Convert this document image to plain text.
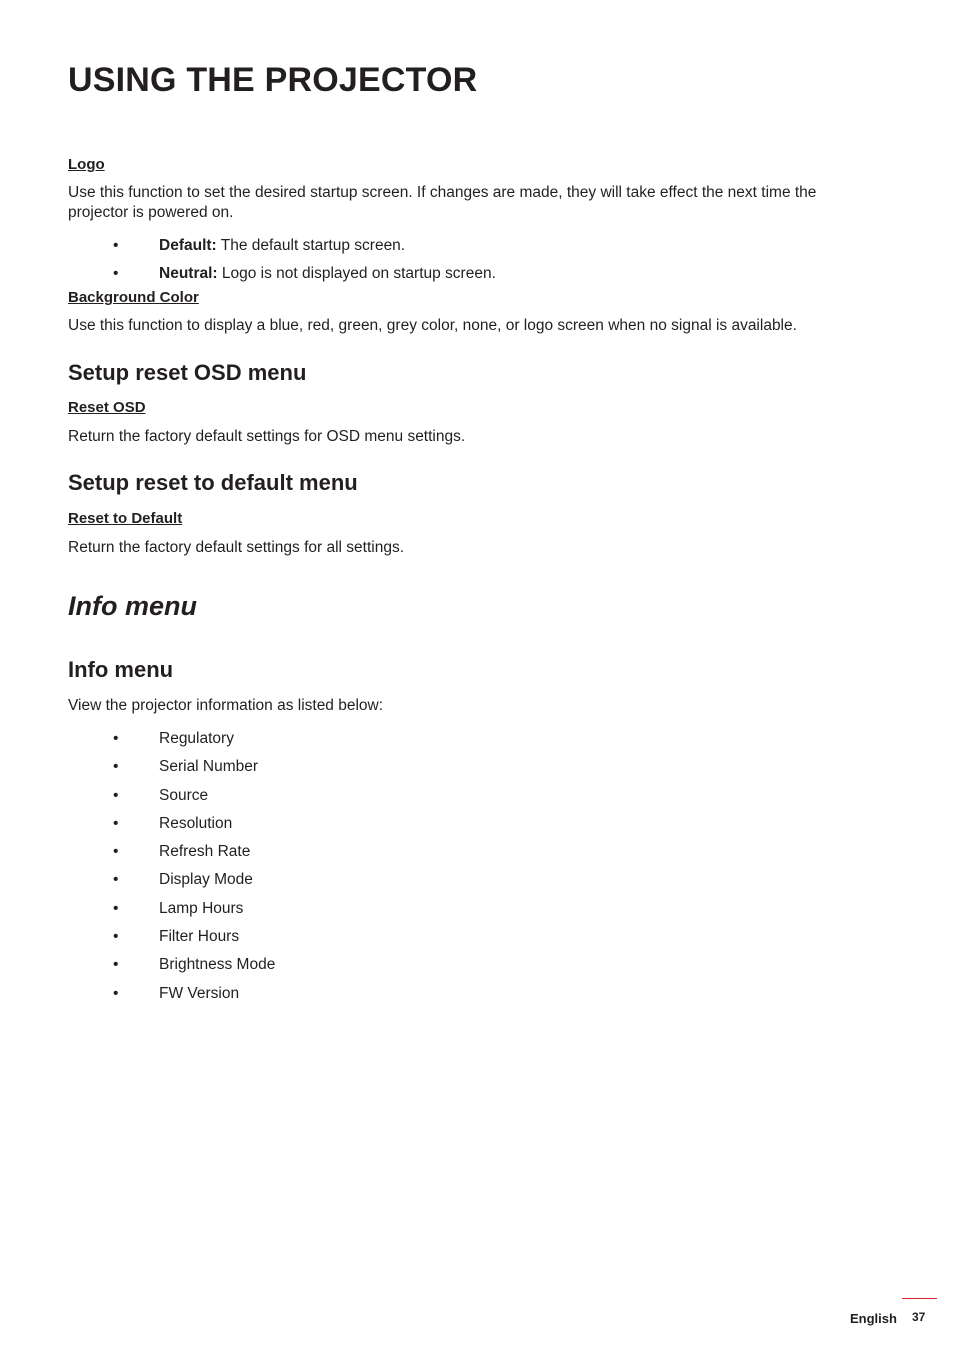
USING THE PROJECTOR
Logo

Use this function to set the desired startup screen. If changes are made, they will take effect the next time the projector is powered on.

•	Default: The default startup screen.
•	Neutral: Logo is not displayed on startup screen.
Background Color

Use this function to display a blue, red, green, grey color, none, or logo screen when no signal is available.

Setup reset OSD menu
Reset OSD

Return the factory default settings for OSD menu settings.

Setup reset to default menu
Reset to Default

Return the factory default settings for all settings.

Info menu
Info menu

View the projector information as listed below:

•	Regulatory
•	Serial Number
•	Source
•	Resolution
•	Refresh Rate
•	Display Mode
•	Lamp Hours
•	Filter Hours
•	Brightness Mode
•	FW Version
English 37
